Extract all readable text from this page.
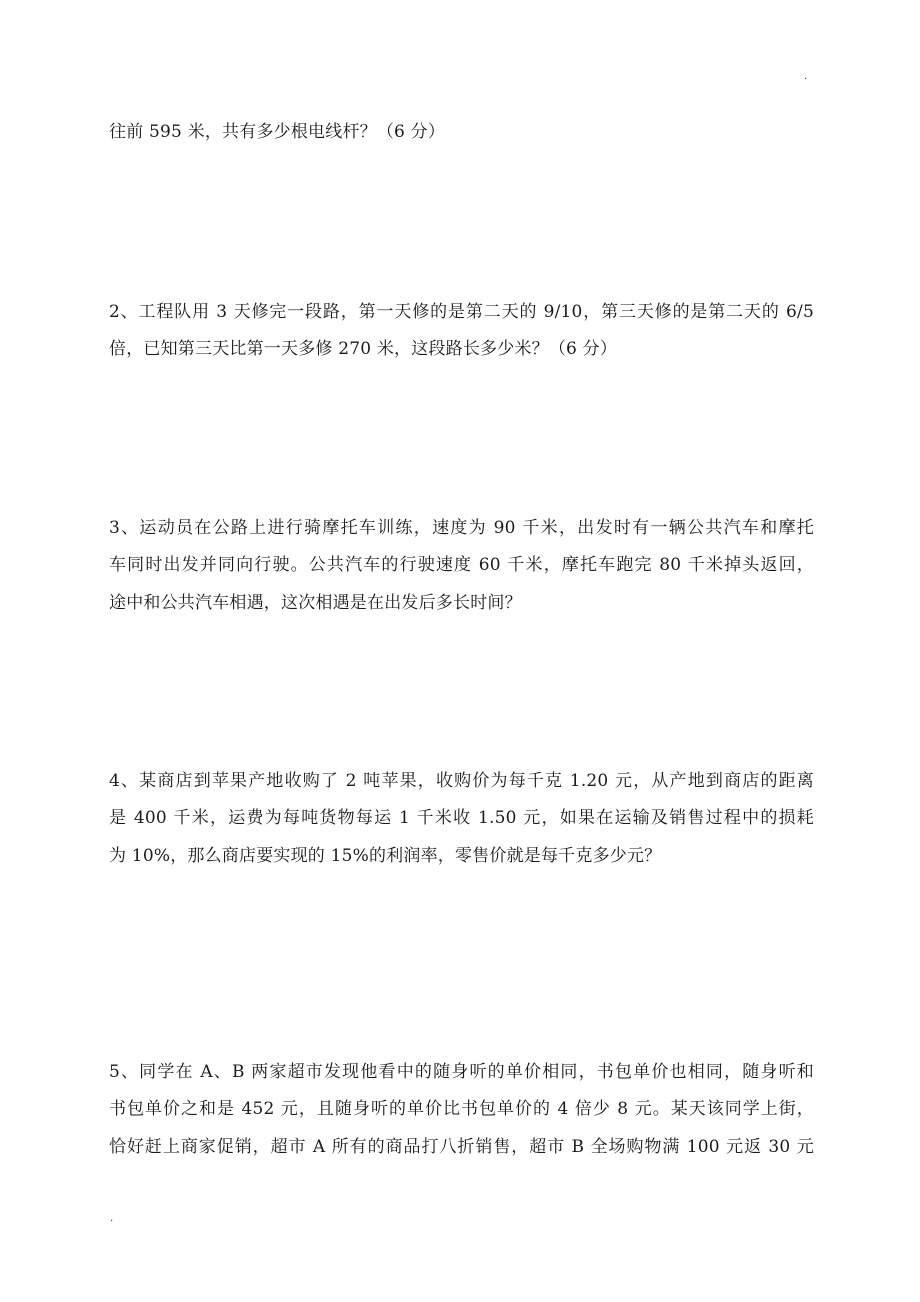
.
往前 595 米，共有多少根电线杆？（6 分）
2、工程队用 3 天修完一段路，第一天修的是第二天的 9/10，第三天修的是第二天的 6/5
倍，已知第三天比第一天多修 270 米，这段路长多少米？（6 分）
3、运动员在公路上进行骑摩托车训练，速度为 90 千米，出发时有一辆公共汽车和摩托
车同时出发并同向行驶。公共汽车的行驶速度 60 千米，摩托车跑完 80 千米掉头返回，
途中和公共汽车相遇，这次相遇是在出发后多长时间？
4、某商店到苹果产地收购了 2 吨苹果，收购价为每千克 1.20 元，从产地到商店的距离
是 400 千米，运费为每吨货物每运 1 千米收 1.50 元，如果在运输及销售过程中的损耗
为 10%，那么商店要实现的 15%的利润率，零售价就是每千克多少元？
5、同学在 A、B 两家超市发现他看中的随身听的单价相同，书包单价也相同，随身听和
书包单价之和是 452 元，且随身听的单价比书包单价的 4 倍少 8 元。某天该同学上街，
恰好赶上商家促销，超市 A 所有的商品打八折销售，超市 B 全场购物满 100 元返 30 元
.
